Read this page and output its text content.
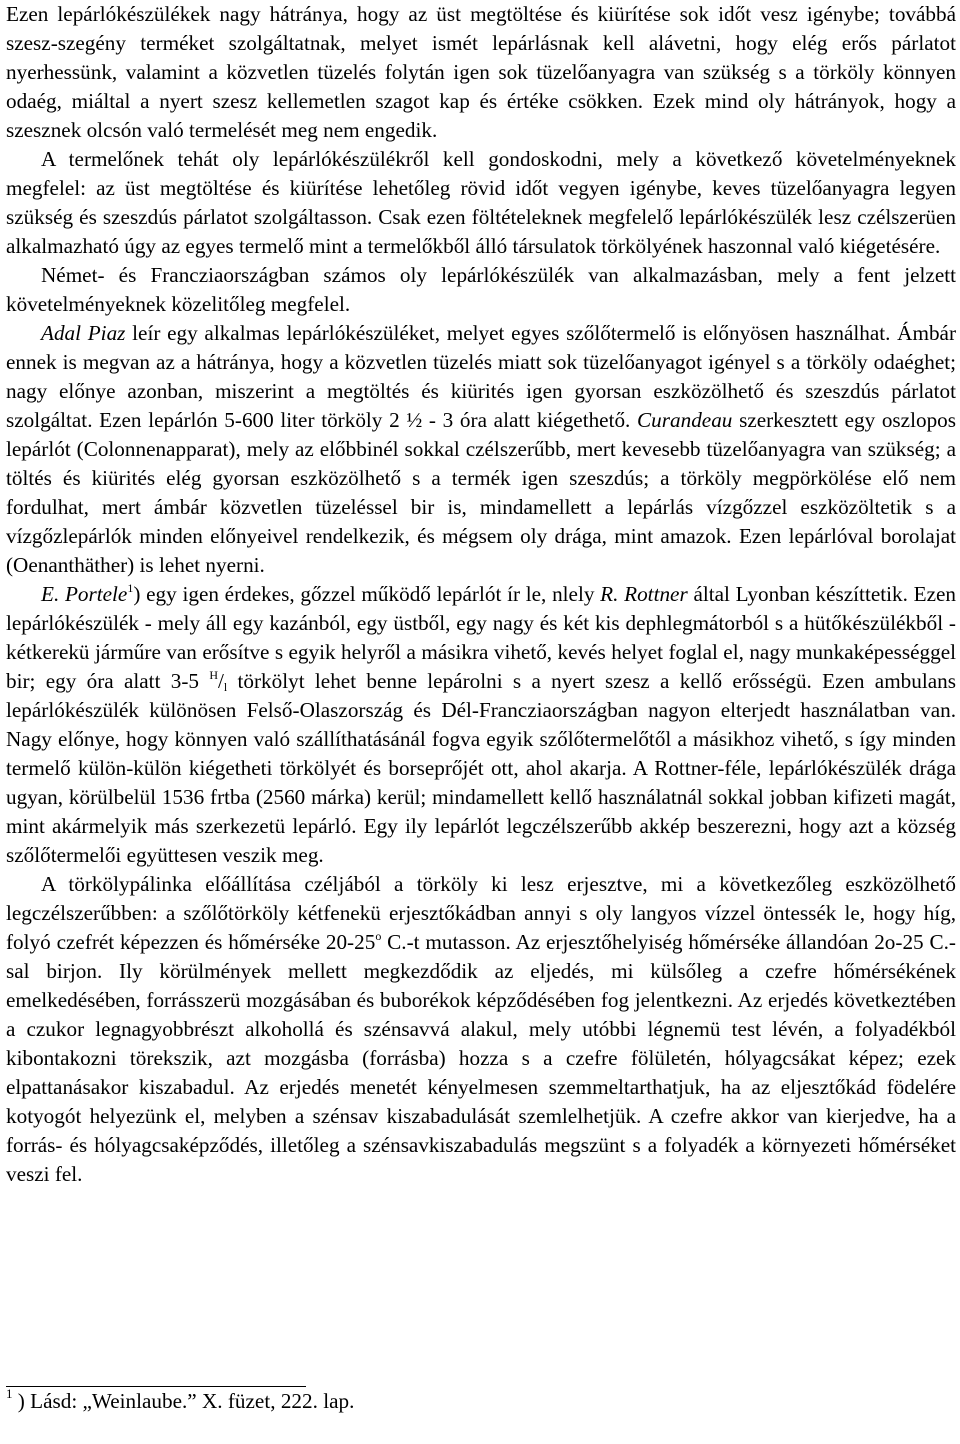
Ezen lepárlókészülékek nagy hátránya, hogy az üst megtöltése és kiürítése sok időt vesz igénybe; továbbá szesz-szegény terméket szolgáltatnak, melyet ismét lepárlásnak kell alávetni, hogy elég erős párlatot nyerhessünk, valamint a közvetlen tüzelés folytán igen sok tüzelőanyagra van szükség s a törköly könnyen odaég, miáltal a nyert szesz kellemetlen szagot kap és értéke csökken. Ezek mind oly hátrányok, hogy a szesznek olcsón való termelését meg nem engedik.

A termelőnek tehát oly lepárlókészülékről kell gondoskodni, mely a következő követelményeknek megfelel: az üst megtöltése és kiürítése lehetőleg rövid időt vegyen igénybe, keves tüzelőanyagra legyen szükség és szeszdús párlatot szolgáltasson. Csak ezen föltételeknek megfelelő lepárlókészülék lesz czélszerüen alkalmazható úgy az egyes termelő mint a termelőkből álló társulatok törkölyének haszonnal való kiégetésére.

Német- és Francziaországban számos oly lepárlókészülék van alkalmazásban, mely a fent jelzett követelményeknek közelitőleg megfelel.

Adal Piaz leír egy alkalmas lepárlókészüléket, melyet egyes szőlőtermelő is előnyösen használhat. Ámbár ennek is megvan az a hátránya, hogy a közvetlen tüzelés miatt sok tüzelőanyagot igényel s a törköly odaéghet; nagy előnye azonban, miszerint a megtöltés és kiürités igen gyorsan eszközölhető és szeszdús párlatot szolgáltat. Ezen lepárlón 5-600 liter törköly 2 ½ - 3 óra alatt kiégethető. Curandeau szerkesztett egy oszlopos lepárlót (Colonnenapparat), mely az előbbinél sokkal czélszerűbb, mert kevesebb tüzelőanyagra van szükség; a töltés és kiürités elég gyorsan eszközölhető s a termék igen szeszdús; a törköly megpörkölése elő nem fordulhat, mert ámbár közvetlen tüzeléssel bir is, mindamellett a lepárlás vízgőzzel eszközöltetik s a vízgőzlepárlók minden előnyeivel rendelkezik, és mégsem oly drága, mint amazok. Ezen lepárlóval borolajat (Oenanthäther) is lehet nyerni.

E. Portele$^1$) egy igen érdekes, gőzzel működő lepárlót ír le, nlely R. Rottner által Lyonban készíttetik. Ezen lepárlókészülék - mely áll egy kazánból, egy üstből, egy nagy és két kis dephlegmátorból s a hütőkészülékből - kétkerekü járműre van erősítve s egyik helyről a másikra vihető, kevés helyet foglal el, nagy munkaképességgel bir; egy óra alatt 3-5 $^H/_l$ törkölyt lehet benne lepárolni s a nyert szesz a kellő erősségü. Ezen ambulans lepárlókészülék különösen Felső-Olaszország és Dél-Francziaországban nagyon elterjedt használatban van. Nagy előnye, hogy könnyen való szállíthatásánál fogva egyik szőlőtermelőtől a másikhoz vihető, s így minden termelő külön-külön kiégetheti törkölyét és borseprőjét ott, ahol akarja. A Rottner-féle, lepárlókészülék drága ugyan, körülbelül 1536 frtba (2560 márka) kerül; mindamellett kellő használatnál sokkal jobban kifizeti magát, mint akármelyik más szerkezetü lepárló. Egy ily lepárlót legczélszerűbb akkép beszerezni, hogy azt a község szőlőtermelői együttesen veszik meg.

A törkölypálinka előállítása czéljából a törköly ki lesz erjesztve, mi a következőleg eszközölhető legczélszerűbben: a szőlőtörköly kétfenekü erjesztőkádban annyi s oly langyos vízzel öntessék le, hogy híg, folyó czefrét képezzen és hőmérséke 20-25$^o$ C.-t mutasson. Az erjesztőhelyiség hőmérséke állandóan 2o-25 C.-sal birjon. Ily körülmények mellett megkezdődik az eljedés, mi külsőleg a czefre hőmérsékének emelkedésében, forrásszerü mozgásában és buborékok képződésében fog jelentkezni. Az erjedés következtében a czukor legnagyobbrészt alkohollá és szénsavvá alakul, mely utóbbi légnemü test lévén, a folyadékból kibontakozni törekszik, azt mozgásba (forrásba) hozza s a czefre fölületén, hólyagcsákat képez; ezek elpattanásakor kiszabadul. Az erjedés menetét kényelmesen szemmeltarthatjuk, ha az eljesztőkád födelére kotyogót helyezünk el, melyben a szénsav kiszabadulását szemlelhetjük. A czefre akkor van kierjedve, ha a forrás- és hólyagcsaképződés, illetőleg a szénsavkiszabadulás megszünt s a folyadék a környezeti hőmérséket veszi fel.

$^1$ ) Lásd: „Weinlaube.” X. füzet, 222. lap.
